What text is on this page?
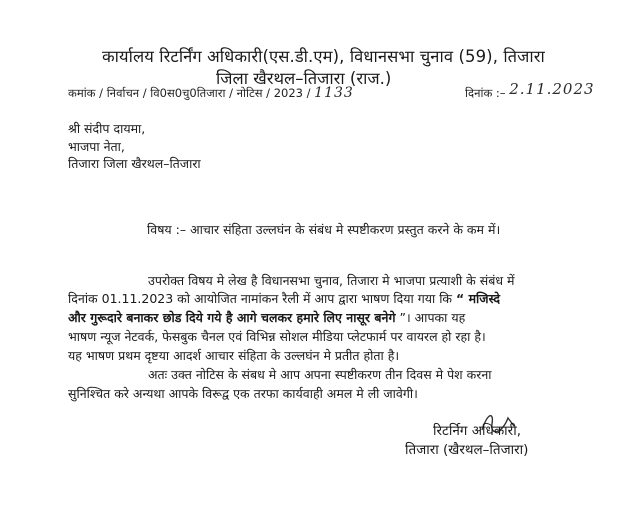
कार्यालय रिटर्निंग अधिकारी(एस.डी.एम), विधानसभा चुनाव (59), तिजारा
जिला खैरथल–तिजारा (राज.)
कमांक / निर्वाचन / वि0स0चु0तिजारा / नोटिस / 2023 / 1133	दिनांक :– 2.11.2023
श्री संदीप दायमा,
भाजपा नेता,
तिजारा जिला खैरथल–तिजारा
विषय :– आचार संहिता उल्लघंन के संबंध मे स्पष्टीकरण प्रस्तुत करने के कम में।
उपरोक्त विषय मे लेख है विधानसभा चुनाव, तिजारा मे भाजपा प्रत्याशी के संबंध में
दिनांक 01.11.2023 को आयोजित नामांकन रैली में आप द्वारा भाषण दिया गया कि “ मजिस्दे
और गुरूदारे बनाकर छोड दिये गये है आगे चलकर हमारे लिए नासूर बनेगे ”। आपका यह
भाषण न्यूज नेटवर्क, फेसबुक चैनल एवं विभिन्न सोशल मीडिया प्लेटफार्म पर वायरल हो रहा है।
यह भाषण प्रथम दृष्टया आदर्श आचार संहिता के उल्लघंन मे प्रतीत होता है।
अतः उक्त नोटिस के संबध मे आप अपना स्पष्टीकरण तीन दिवस मे पेश करना
सुनिश्चित करे अन्यथा आपके विरूद्व एक तरफा कार्यवाही अमल मे ली जावेगी।
रिटर्निग अधिकारी,
तिजारा (खैरथल–तिजारा)
